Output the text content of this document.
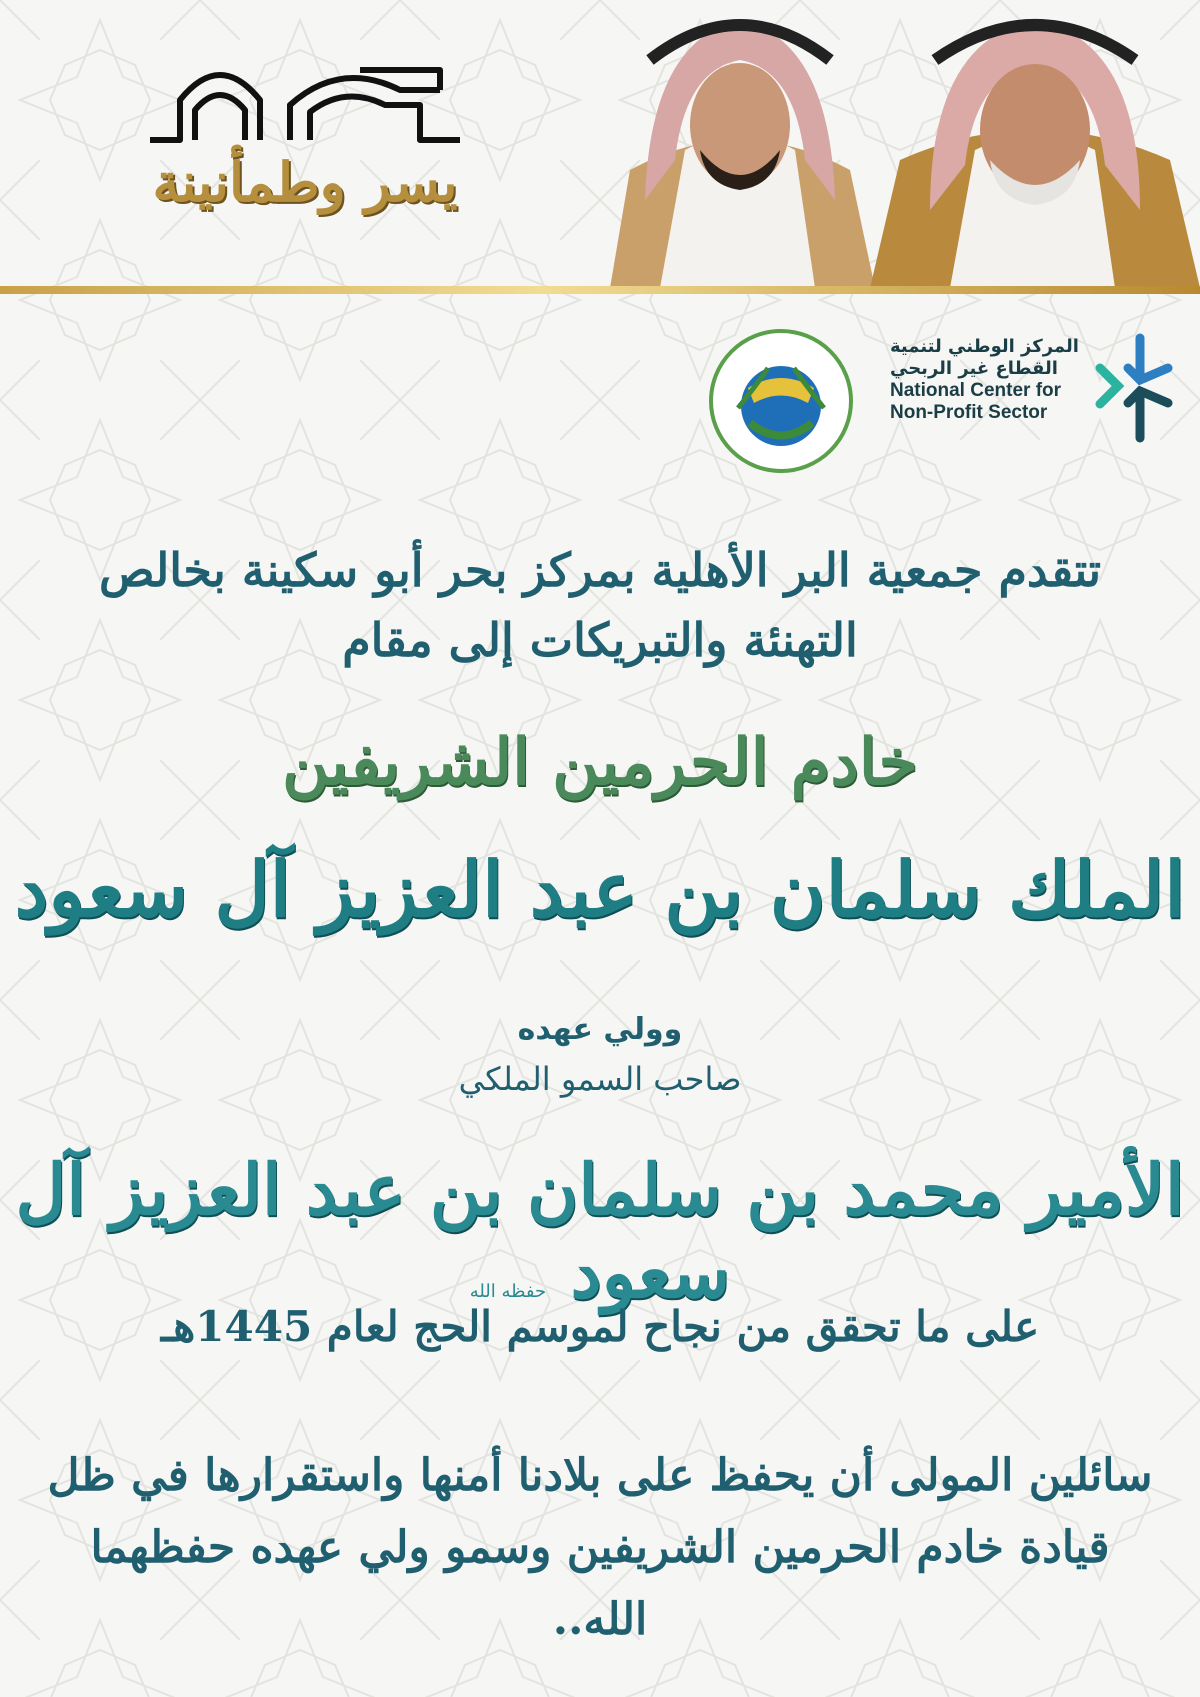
يسر وطمأنينة
المركز الوطني لتنمية
القطاع غير الربحي
National Center for
Non-Profit Sector
تتقدم جمعية البر الأهلية بمركز بحر أبو سكينة بخالص التهنئة والتبريكات إلى مقام
خادم الحرمين الشريفين
الملك سلمان بن عبد العزيز آل سعود
وولي عهده
صاحب السمو الملكي
الأمير محمد بن سلمان بن عبد العزيز آل سعود حفظه الله
على ما تحقق من نجاح لموسم الحج لعام 1445هـ
سائلين المولى أن يحفظ على بلادنا أمنها واستقرارها في ظل قيادة خادم الحرمين الشريفين وسمو ولي عهده حفظهما الله..
